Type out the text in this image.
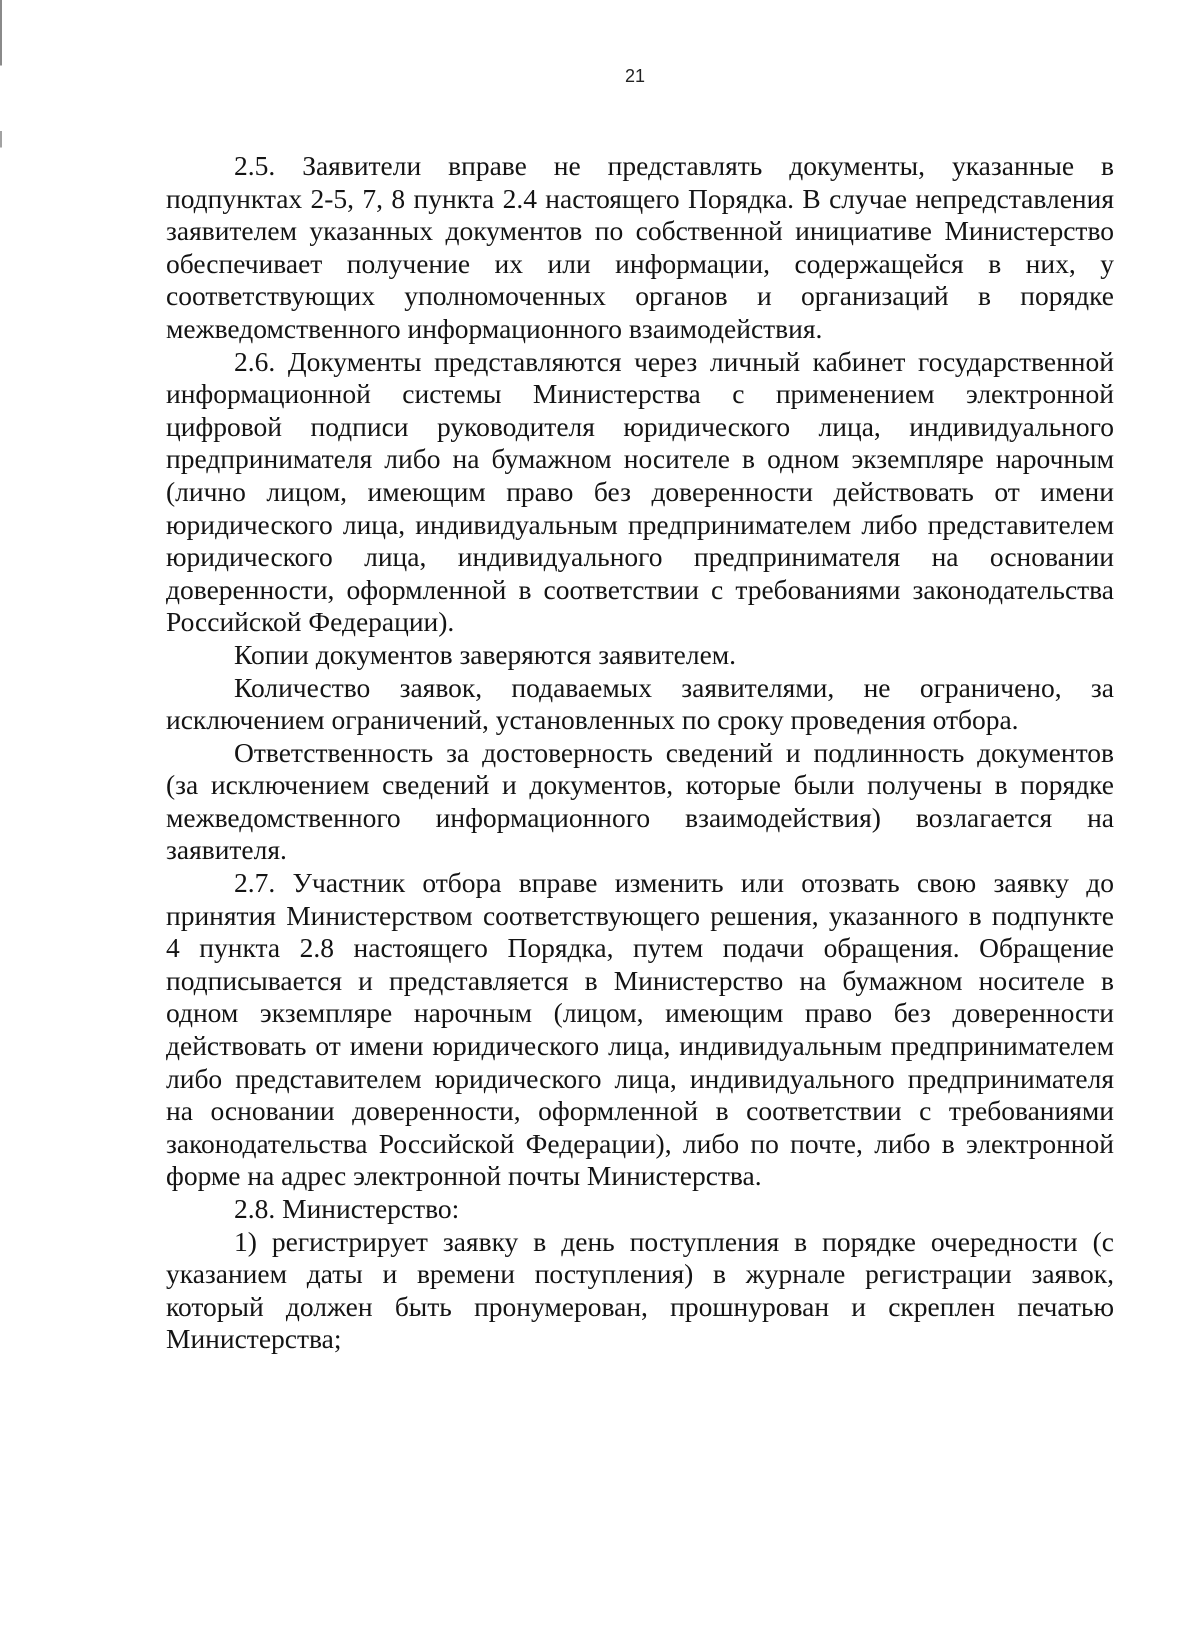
21

2.5. Заявители вправе не представлять документы, указанные в подпунктах 2-5, 7, 8 пункта 2.4 настоящего Порядка. В случае непредставления заявителем указанных документов по собственной инициативе Министерство обеспечивает получение их или информации, содержащейся в них, у соответствующих уполномоченных органов и организаций в порядке межведомственного информационного взаимодействия.

2.6. Документы представляются через личный кабинет государственной информационной системы Министерства с применением электронной цифровой подписи руководителя юридического лица, индивидуального предпринимателя либо на бумажном носителе в одном экземпляре нарочным (лично лицом, имеющим право без доверенности действовать от имени юридического лица, индивидуальным предпринимателем либо представителем юридического лица, индивидуального предпринимателя на основании доверенности, оформленной в соответствии с требованиями законодательства Российской Федерации).

Копии документов заверяются заявителем.

Количество заявок, подаваемых заявителями, не ограничено, за исключением ограничений, установленных по сроку проведения отбора.

Ответственность за достоверность сведений и подлинность документов (за исключением сведений и документов, которые были получены в порядке межведомственного информационного взаимодействия) возлагается на заявителя.

2.7. Участник отбора вправе изменить или отозвать свою заявку до принятия Министерством соответствующего решения, указанного в подпункте 4 пункта 2.8 настоящего Порядка, путем подачи обращения. Обращение подписывается и представляется в Министерство на бумажном носителе в одном экземпляре нарочным (лицом, имеющим право без доверенности действовать от имени юридического лица, индивидуальным предпринимателем либо представителем юридического лица, индивидуального предпринимателя на основании доверенности, оформленной в соответствии с требованиями законодательства Российской Федерации), либо по почте, либо в электронной форме на адрес электронной почты Министерства.

2.8. Министерство:

1) регистрирует заявку в день поступления в порядке очередности (с указанием даты и времени поступления) в журнале регистрации заявок, который должен быть пронумерован, прошнурован и скреплен печатью Министерства;
